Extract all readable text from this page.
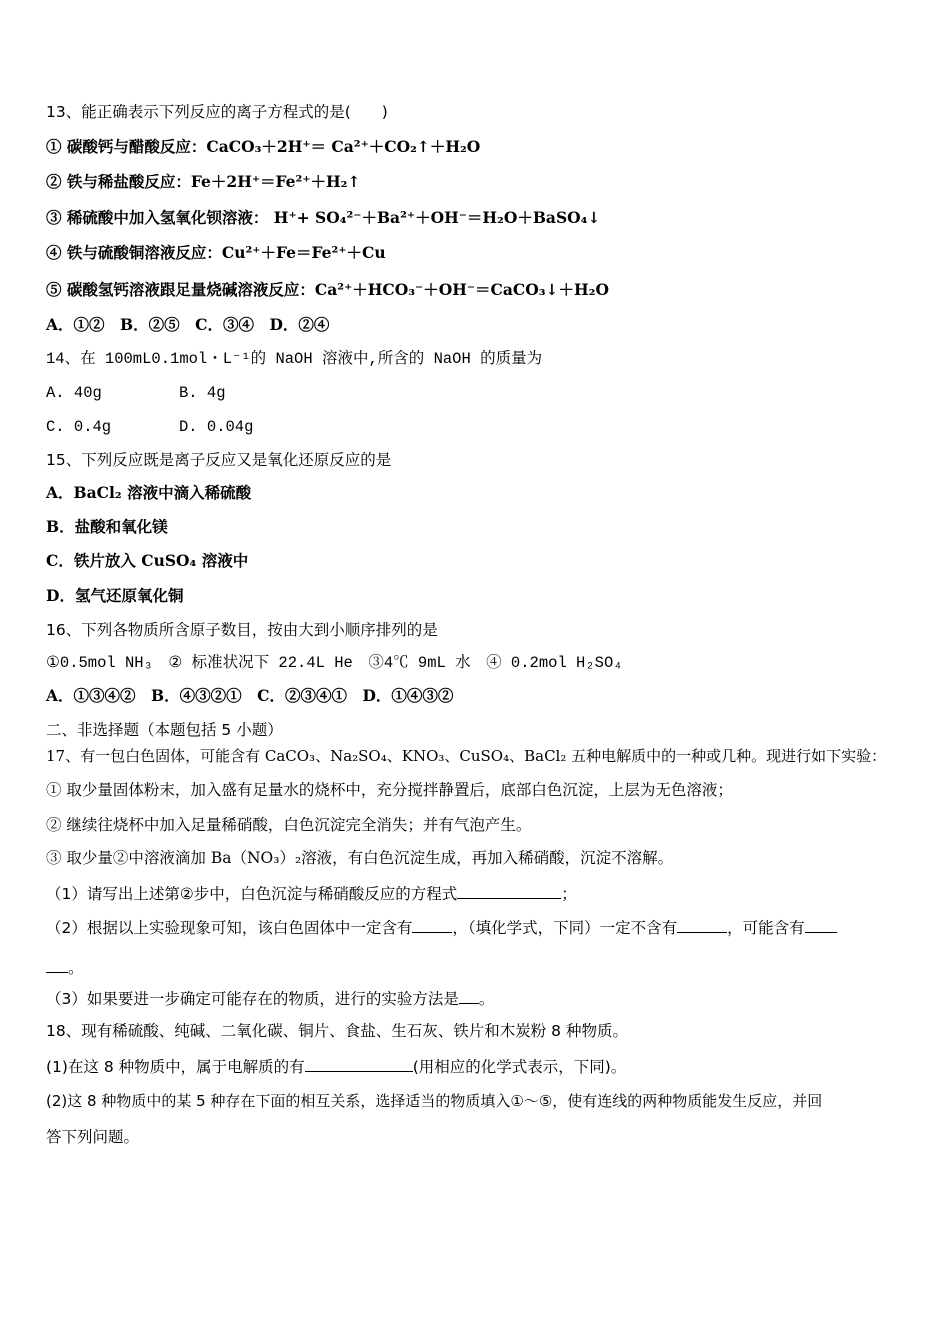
13、能正确表示下列反应的离子方程式的是(　　)
① 碳酸钙与醋酸反应：CaCO₃＋2H⁺＝ Ca²⁺＋CO₂↑＋H₂O
② 铁与稀盐酸反应：Fe＋2H⁺＝Fe²⁺＋H₂↑
③ 稀硫酸中加入氢氧化钡溶液： H⁺+ SO₄²⁻＋Ba²⁺＋OH⁻＝H₂O＋BaSO₄↓
④ 铁与硫酸铜溶液反应：Cu²⁺＋Fe＝Fe²⁺＋Cu
⑤ 碳酸氢钙溶液跟足量烧碱溶液反应：Ca²⁺＋HCO₃⁻＋OH⁻＝CaCO₃↓＋H₂O
A．①②　B．②⑤　C．③④　D．②④
14、在 100mL0.1mol・L⁻¹的 NaOH 溶液中,所含的 NaOH 的质量为
A. 40g	B. 4g
C. 0.4g	D. 0.04g
15、下列反应既是离子反应又是氧化还原反应的是
A．BaCl₂ 溶液中滴入稀硫酸
B．盐酸和氧化镁
C．铁片放入 CuSO₄ 溶液中
D．氢气还原氧化铜
16、下列各物质所含原子数目，按由大到小顺序排列的是
①0.5mol NH₃　② 标准状况下 22.4L He　③4℃ 9mL 水　④ 0.2mol H₂SO₄
A．①③④②　B．④③②①　C．②③④①　D．①④③②
二、非选择题（本题包括 5 小题）
17、有一包白色固体，可能含有 CaCO₃、Na₂SO₄、KNO₃、CuSO₄、BaCl₂ 五种电解质中的一种或几种。现进行如下实验：
① 取少量固体粉末，加入盛有足量水的烧杯中，充分搅拌静置后，底部白色沉淀，上层为无色溶液；
② 继续往烧杯中加入足量稀硝酸，白色沉淀完全消失；并有气泡产生。
③ 取少量②中溶液滴加 Ba（NO₃）₂溶液，有白色沉淀生成，再加入稀硝酸，沉淀不溶解。
（1）请写出上述第②步中，白色沉淀与稀硝酸反应的方程式	；
（2）根据以上实验现象可知，该白色固体中一定含有	，（填化学式，下同）一定不含有	，可能含有
。
（3）如果要进一步确定可能存在的物质，进行的实验方法是 。
18、现有稀硫酸、纯碱、二氧化碳、铜片、食盐、生石灰、铁片和木炭粉 8 种物质。
(1)在这 8 种物质中，属于电解质的有	(用相应的化学式表示，下同)。
(2)这 8 种物质中的某 5 种存在下面的相互关系，选择适当的物质填入①～⑤，使有连线的两种物质能发生反应，并回
答下列问题。
